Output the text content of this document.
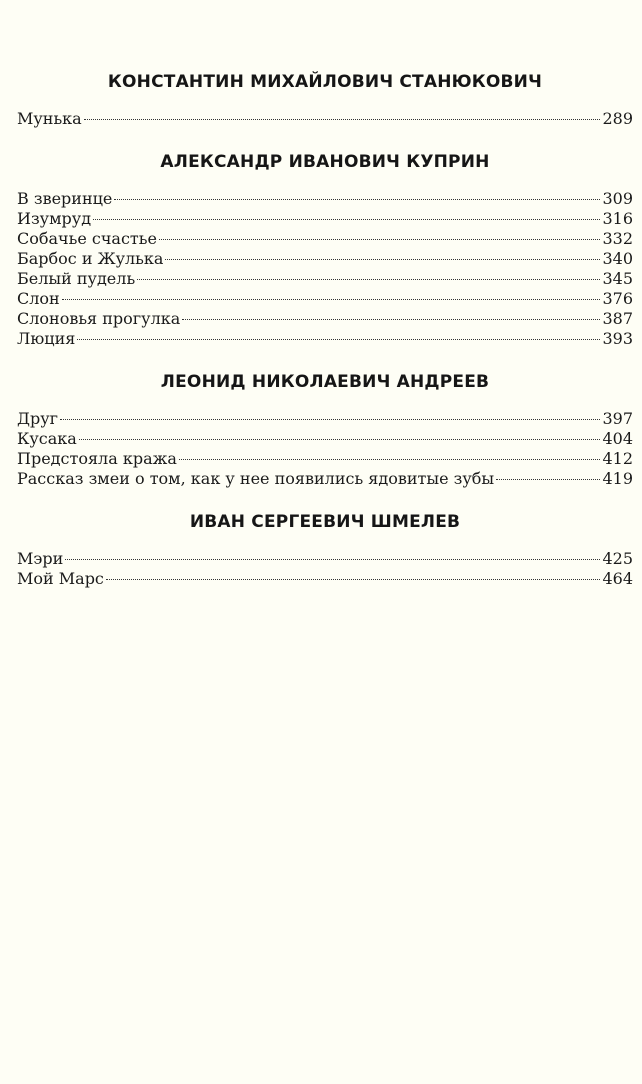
КОНСТАНТИН МИХАЙЛОВИЧ СТАНЮКОВИЧ
Мунька	289
АЛЕКСАНДР ИВАНОВИЧ КУПРИН
В зверинце	309
Изумруд	316
Собачье счастье	332
Барбос и Жулька	340
Белый пудель	345
Слон	376
Слоновья прогулка	387
Люция	393
ЛЕОНИД НИКОЛАЕВИЧ АНДРЕЕВ
Друг	397
Кусака	404
Предстояла кража	412
Рассказ змеи о том, как у нее появились ядовитые зубы	419
ИВАН СЕРГЕЕВИЧ ШМЕЛЕВ
Мэри	425
Мой Марс	464
